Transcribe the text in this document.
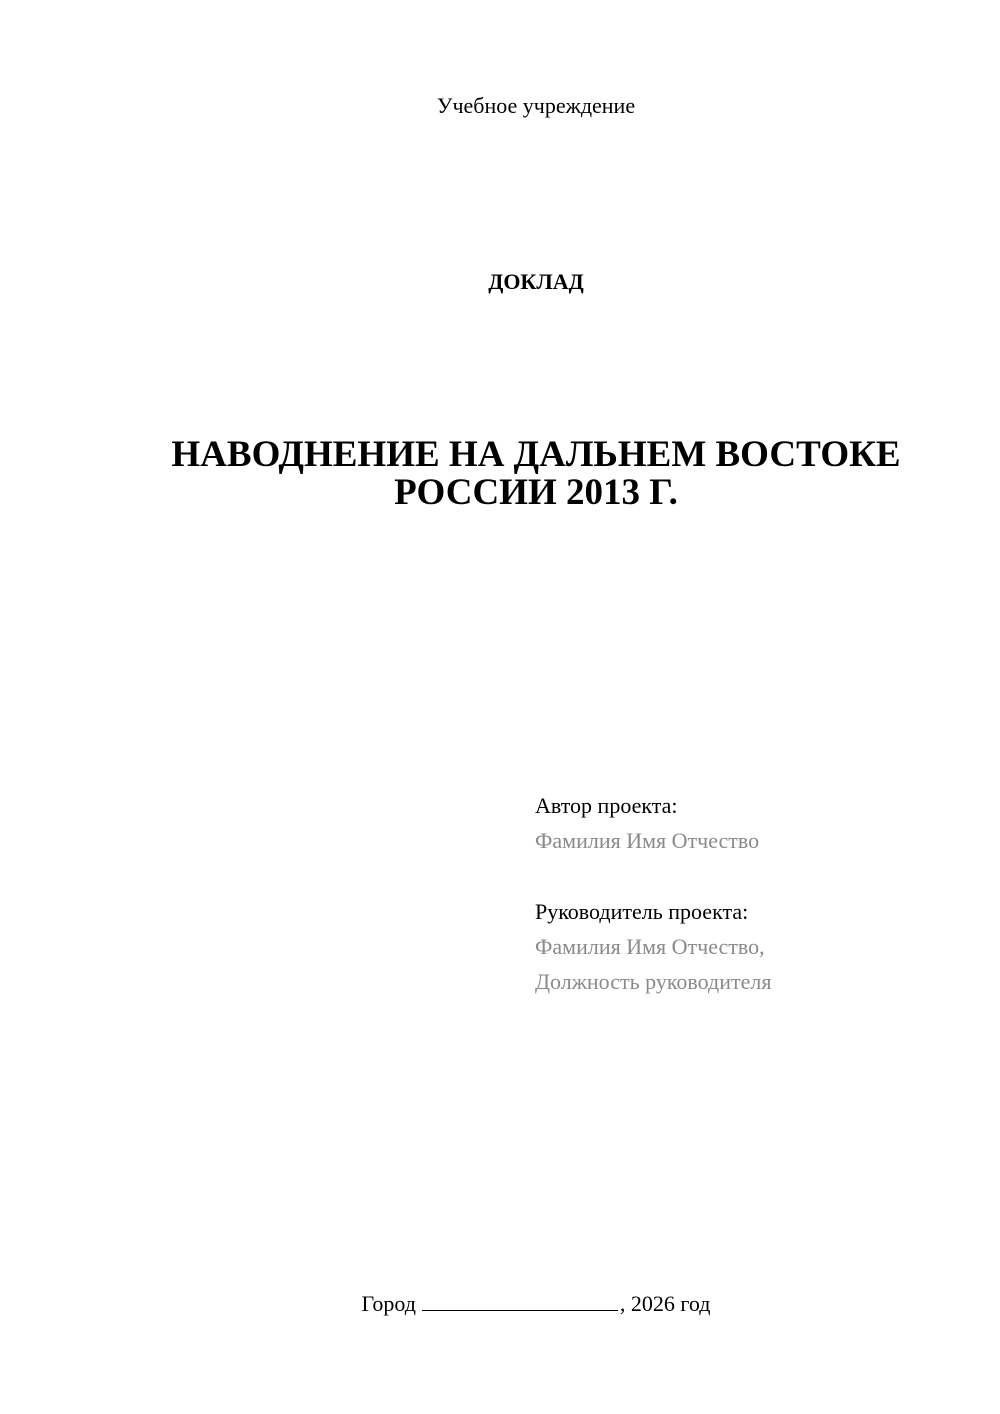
Учебное учреждение
ДОКЛАД
НАВОДНЕНИЕ НА ДАЛЬНЕМ ВОСТОКЕ
РОССИИ 2013 Г.
Автор проекта:
Фамилия Имя Отчество
Руководитель проекта:
Фамилия Имя Отчество,
Должность руководителя
Город	, 2026 год
